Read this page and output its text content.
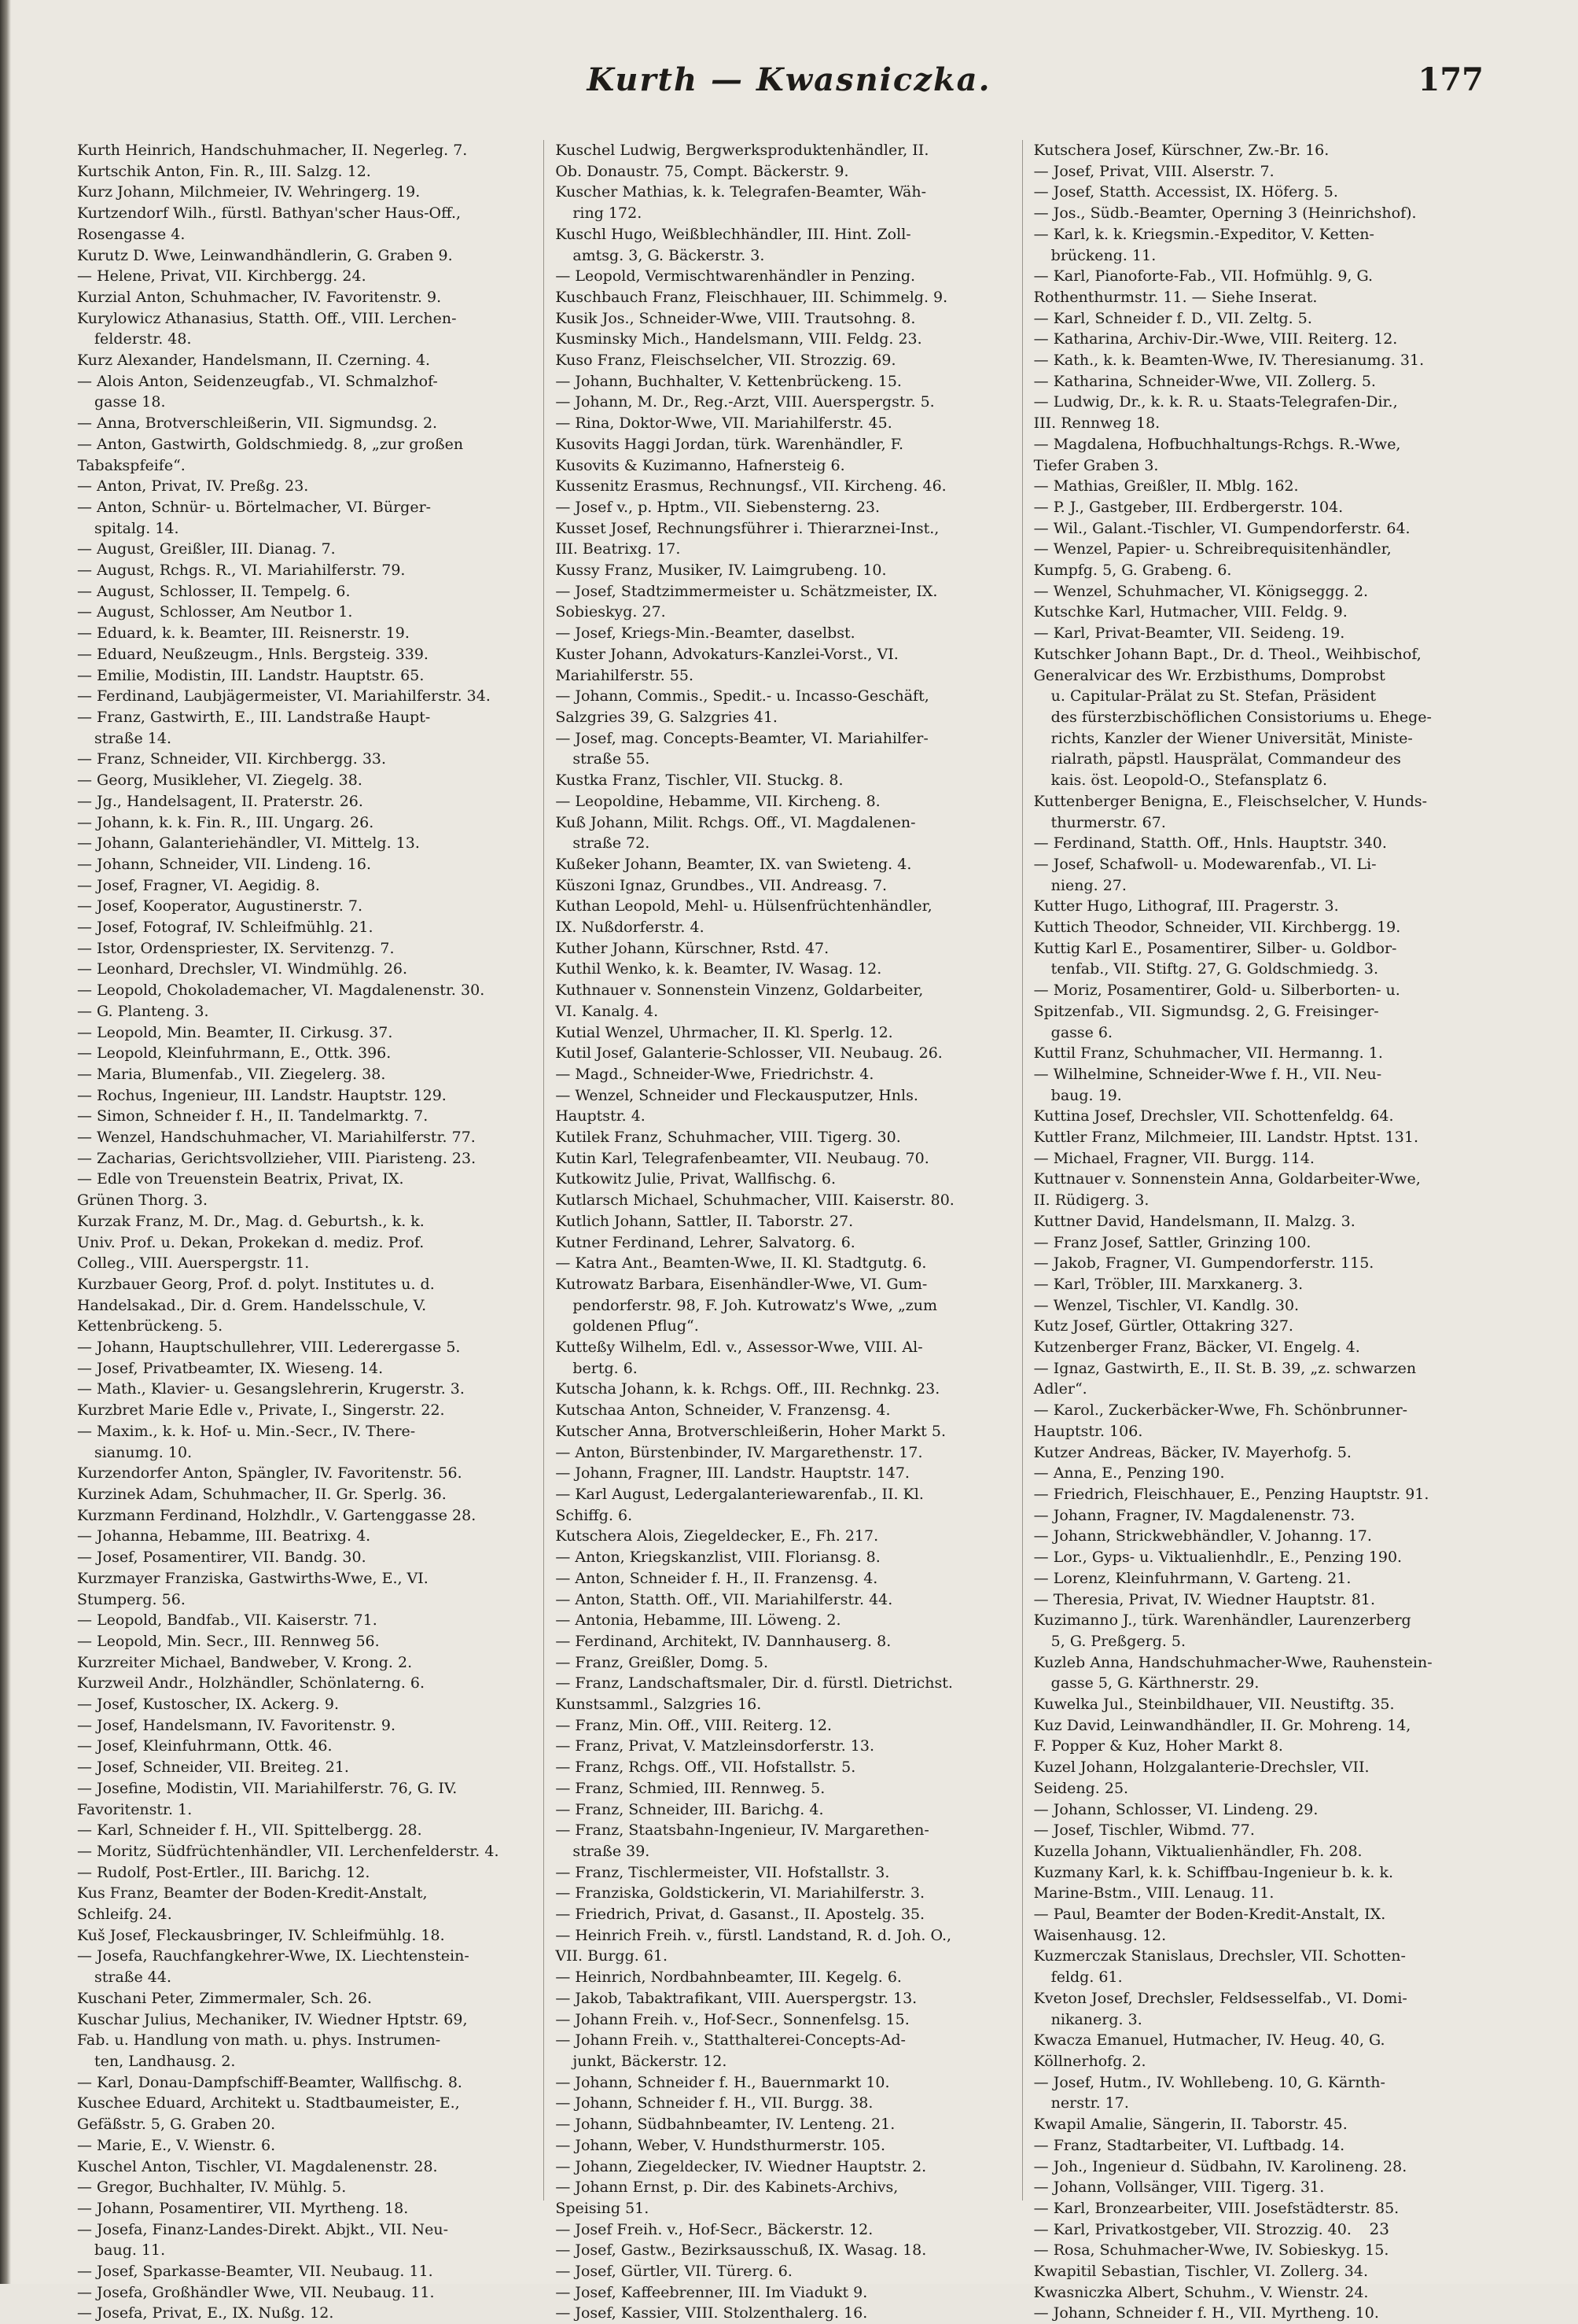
Kurth — Kwasniczka.	177
Kurth Heinrich, Handschuhmacher, II. Negerleg. 7.
Kurtschik Anton, Fin. R., III. Salzg. 12.
Kurz Johann, Milchmeier, IV. Wehringerg. 19.
Kurtzendorf Wilh., fürstl. Bathyan'scher Haus-Off.,
Rosengasse 4.
Kurutz D. Wwe, Leinwandhändlerin, G. Graben 9.
— Helene, Privat, VII. Kirchbergg. 24.
Kurzial Anton, Schuhmacher, IV. Favoritenstr. 9.
Kurylowicz Athanasius, Statth. Off., VIII. Lerchen-
felderstr. 48.
Kurz Alexander, Handelsmann, II. Czerning. 4.
— Alois Anton, Seidenzeugfab., VI. Schmalzhof-
gasse 18.
— Anna, Brotverschleißerin, VII. Sigmundsg. 2.
— Anton, Gastwirth, Goldschmiedg. 8, „zur großen
Tabakspfeife“.
— Anton, Privat, IV. Preßg. 23.
— Anton, Schnür- u. Börtelmacher, VI. Bürger-
spitalg. 14.
— August, Greißler, III. Dianag. 7.
— August, Rchgs. R., VI. Mariahilferstr. 79.
— August, Schlosser, II. Tempelg. 6.
— August, Schlosser, Am Neutbor 1.
— Eduard, k. k. Beamter, III. Reisnerstr. 19.
— Eduard, Neußzeugm., Hnls. Bergsteig. 339.
— Emilie, Modistin, III. Landstr. Hauptstr. 65.
— Ferdinand, Laubjägermeister, VI. Mariahilferstr. 34.
— Franz, Gastwirth, E., III. Landstraße Haupt-
straße 14.
— Franz, Schneider, VII. Kirchbergg. 33.
— Georg, Musikleher, VI. Ziegelg. 38.
— Jg., Handelsagent, II. Praterstr. 26.
— Johann, k. k. Fin. R., III. Ungarg. 26.
— Johann, Galanteriehändler, VI. Mittelg. 13.
— Johann, Schneider, VII. Lindeng. 16.
— Josef, Fragner, VI. Aegidig. 8.
— Josef, Kooperator, Augustinerstr. 7.
— Josef, Fotograf, IV. Schleifmühlg. 21.
— Istor, Ordenspriester, IX. Servitenzg. 7.
— Leonhard, Drechsler, VI. Windmühlg. 26.
— Leopold, Chokolademacher, VI. Magdalenenstr. 30.
— G. Planteng. 3.
— Leopold, Min. Beamter, II. Cirkusg. 37.
— Leopold, Kleinfuhrmann, E., Ottk. 396.
— Maria, Blumenfab., VII. Ziegelerg. 38.
— Rochus, Ingenieur, III. Landstr. Hauptstr. 129.
— Simon, Schneider f. H., II. Tandelmarktg. 7.
— Wenzel, Handschuhmacher, VI. Mariahilferstr. 77.
— Zacharias, Gerichtsvollzieher, VIII. Piaristeng. 23.
— Edle von Treuenstein Beatrix, Privat, IX.
Grünen Thorg. 3.
Kurzak Franz, M. Dr., Mag. d. Geburtsh., k. k.
Univ. Prof. u. Dekan, Prokekan d. mediz. Prof.
Colleg., VIII. Auerspergstr. 11.
Kurzbauer Georg, Prof. d. polyt. Institutes u. d.
Handelsakad., Dir. d. Grem. Handelsschule, V.
Kettenbrückeng. 5.
— Johann, Hauptschullehrer, VIII. Lederergasse 5.
— Josef, Privatbeamter, IX. Wieseng. 14.
— Math., Klavier- u. Gesangslehrerin, Krugerstr. 3.
Kurzbret Marie Edle v., Private, I., Singerstr. 22.
— Maxim., k. k. Hof- u. Min.-Secr., IV. There-
sianumg. 10.
Kurzendorfer Anton, Spängler, IV. Favoritenstr. 56.
Kurzinek Adam, Schuhmacher, II. Gr. Sperlg. 36.
Kurzmann Ferdinand, Holzhdlr., V. Gartenggasse 28.
— Johanna, Hebamme, III. Beatrixg. 4.
— Josef, Posamentirer, VII. Bandg. 30.
Kurzmayer Franziska, Gastwirths-Wwe, E., VI.
Stumperg. 56.
— Leopold, Bandfab., VII. Kaiserstr. 71.
— Leopold, Min. Secr., III. Rennweg 56.
Kurzreiter Michael, Bandweber, V. Krong. 2.
Kurzweil Andr., Holzhändler, Schönlaterng. 6.
— Josef, Kustoscher, IX. Ackerg. 9.
— Josef, Handelsmann, IV. Favoritenstr. 9.
— Josef, Kleinfuhrmann, Ottk. 46.
— Josef, Schneider, VII. Breiteg. 21.
— Josefine, Modistin, VII. Mariahilferstr. 76, G. IV.
Favoritenstr. 1.
— Karl, Schneider f. H., VII. Spittelbergg. 28.
— Moritz, Südfrüchtenhändler, VII. Lerchenfelderstr. 4.
— Rudolf, Post-Ertler., III. Barichg. 12.
Kus Franz, Beamter der Boden-Kredit-Anstalt,
Schleifg. 24.
Kuš Josef, Fleckausbringer, IV. Schleifmühlg. 18.
— Josefa, Rauchfangkehrer-Wwe, IX. Liechtenstein-
straße 44.
Kuschani Peter, Zimmermaler, Sch. 26.
Kuschar Julius, Mechaniker, IV. Wiedner Hptstr. 69,
Fab. u. Handlung von math. u. phys. Instrumen-
ten, Landhausg. 2.
— Karl, Donau-Dampfschiff-Beamter, Wallfischg. 8.
Kuschee Eduard, Architekt u. Stadtbaumeister, E.,
Gefäßstr. 5, G. Graben 20.
— Marie, E., V. Wienstr. 6.
Kuschel Anton, Tischler, VI. Magdalenenstr. 28.
— Gregor, Buchhalter, IV. Mühlg. 5.
— Johann, Posamentirer, VII. Myrtheng. 18.
— Josefa, Finanz-Landes-Direkt. Abjkt., VII. Neu-
baug. 11.
— Josef, Sparkasse-Beamter, VII. Neubaug. 11.
— Josefa, Großhändler Wwe, VII. Neubaug. 11.
— Josefa, Privat, E., IX. Nußg. 12.
Kuschel Ludwig, Bergwerksproduktenhändler, II.
Ob. Donaustr. 75, Compt. Bäckerstr. 9.
Kuscher Mathias, k. k. Telegrafen-Beamter, Wäh-
ring 172.
Kuschl Hugo, Weißblechhändler, III. Hint. Zoll-
amtsg. 3, G. Bäckerstr. 3.
— Leopold, Vermischtwarenhändler in Penzing.
Kuschbauch Franz, Fleischhauer, III. Schimmelg. 9.
Kusik Jos., Schneider-Wwe, VIII. Trautsohng. 8.
Kusminsky Mich., Handelsmann, VIII. Feldg. 23.
Kuso Franz, Fleischselcher, VII. Strozzig. 69.
— Johann, Buchhalter, V. Kettenbrückeng. 15.
— Johann, M. Dr., Reg.-Arzt, VIII. Auerspergstr. 5.
— Rina, Doktor-Wwe, VII. Mariahilferstr. 45.
Kusovits Haggi Jordan, türk. Warenhändler, F.
Kusovits & Kuzimanno, Hafnersteig 6.
Kussenitz Erasmus, Rechnungsf., VII. Kircheng. 46.
— Josef v., p. Hptm., VII. Siebensterng. 23.
Kusset Josef, Rechnungsführer i. Thierarznei-Inst.,
III. Beatrixg. 17.
Kussy Franz, Musiker, IV. Laimgrubeng. 10.
— Josef, Stadtzimmermeister u. Schätzmeister, IX.
Sobieskyg. 27.
— Josef, Kriegs-Min.-Beamter, daselbst.
Kuster Johann, Advokaturs-Kanzlei-Vorst., VI.
Mariahilferstr. 55.
— Johann, Commis., Spedit.- u. Incasso-Geschäft,
Salzgries 39, G. Salzgries 41.
— Josef, mag. Concepts-Beamter, VI. Mariahilfer-
straße 55.
Kustka Franz, Tischler, VII. Stuckg. 8.
— Leopoldine, Hebamme, VII. Kircheng. 8.
Kuß Johann, Milit. Rchgs. Off., VI. Magdalenen-
straße 72.
Kußeker Johann, Beamter, IX. van Swieteng. 4.
Küszoni Ignaz, Grundbes., VII. Andreasg. 7.
Kuthan Leopold, Mehl- u. Hülsenfrüchtenhändler,
IX. Nußdorferstr. 4.
Kuther Johann, Kürschner, Rstd. 47.
Kuthil Wenko, k. k. Beamter, IV. Wasag. 12.
Kuthnauer v. Sonnenstein Vinzenz, Goldarbeiter,
VI. Kanalg. 4.
Kutial Wenzel, Uhrmacher, II. Kl. Sperlg. 12.
Kutil Josef, Galanterie-Schlosser, VII. Neubaug. 26.
— Magd., Schneider-Wwe, Friedrichstr. 4.
— Wenzel, Schneider und Fleckausputzer, Hnls.
Hauptstr. 4.
Kutilek Franz, Schuhmacher, VIII. Tigerg. 30.
Kutin Karl, Telegrafenbeamter, VII. Neubaug. 70.
Kutkowitz Julie, Privat, Wallfischg. 6.
Kutlarsch Michael, Schuhmacher, VIII. Kaiserstr. 80.
Kutlich Johann, Sattler, II. Taborstr. 27.
Kutner Ferdinand, Lehrer, Salvatorg. 6.
— Katra Ant., Beamten-Wwe, II. Kl. Stadtgutg. 6.
Kutrowatz Barbara, Eisenhändler-Wwe, VI. Gum-
pendorferstr. 98, F. Joh. Kutrowatz's Wwe, „zum
goldenen Pflug“.
Kutteßy Wilhelm, Edl. v., Assessor-Wwe, VIII. Al-
bertg. 6.
Kutscha Johann, k. k. Rchgs. Off., III. Rechnkg. 23.
Kutschaa Anton, Schneider, V. Franzensg. 4.
Kutscher Anna, Brotverschleißerin, Hoher Markt 5.
— Anton, Bürstenbinder, IV. Margarethenstr. 17.
— Johann, Fragner, III. Landstr. Hauptstr. 147.
— Karl August, Ledergalanteriewarenfab., II. Kl.
Schiffg. 6.
Kutschera Alois, Ziegeldecker, E., Fh. 217.
— Anton, Kriegskanzlist, VIII. Floriansg. 8.
— Anton, Schneider f. H., II. Franzensg. 4.
— Anton, Statth. Off., VII. Mariahilferstr. 44.
— Antonia, Hebamme, III. Löweng. 2.
— Ferdinand, Architekt, IV. Dannhauserg. 8.
— Franz, Greißler, Domg. 5.
— Franz, Landschaftsmaler, Dir. d. fürstl. Dietrichst.
Kunstsamml., Salzgries 16.
— Franz, Min. Off., VIII. Reiterg. 12.
— Franz, Privat, V. Matzleinsdorferstr. 13.
— Franz, Rchgs. Off., VII. Hofstallstr. 5.
— Franz, Schmied, III. Rennweg. 5.
— Franz, Schneider, III. Barichg. 4.
— Franz, Staatsbahn-Ingenieur, IV. Margarethen-
straße 39.
— Franz, Tischlermeister, VII. Hofstallstr. 3.
— Franziska, Goldstickerin, VI. Mariahilferstr. 3.
— Friedrich, Privat, d. Gasanst., II. Apostelg. 35.
— Heinrich Freih. v., fürstl. Landstand, R. d. Joh. O.,
VII. Burgg. 61.
— Heinrich, Nordbahnbeamter, III. Kegelg. 6.
— Jakob, Tabaktrafikant, VIII. Auerspergstr. 13.
— Johann Freih. v., Hof-Secr., Sonnenfelsg. 15.
— Johann Freih. v., Statthalterei-Concepts-Ad-
junkt, Bäckerstr. 12.
— Johann, Schneider f. H., Bauernmarkt 10.
— Johann, Schneider f. H., VII. Burgg. 38.
— Johann, Südbahnbeamter, IV. Lenteng. 21.
— Johann, Weber, V. Hundsthurmerstr. 105.
— Johann, Ziegeldecker, IV. Wiedner Hauptstr. 2.
— Johann Ernst, p. Dir. des Kabinets-Archivs,
Speising 51.
— Josef Freih. v., Hof-Secr., Bäckerstr. 12.
— Josef, Gastw., Bezirksausschuß, IX. Wasag. 18.
— Josef, Gürtler, VII. Türerg. 6.
— Josef, Kaffeebrenner, III. Im Viadukt 9.
— Josef, Kassier, VIII. Stolzenthalerg. 16.
Kutschera Josef, Kürschner, Zw.-Br. 16.
— Josef, Privat, VIII. Alserstr. 7.
— Josef, Statth. Accessist, IX. Höferg. 5.
— Jos., Südb.-Beamter, Operning 3 (Heinrichshof).
— Karl, k. k. Kriegsmin.-Expeditor, V. Ketten-
brückeng. 11.
— Karl, Pianoforte-Fab., VII. Hofmühlg. 9, G.
Rothenthurmstr. 11. — Siehe Inserat.
— Karl, Schneider f. D., VII. Zeltg. 5.
— Katharina, Archiv-Dir.-Wwe, VIII. Reiterg. 12.
— Kath., k. k. Beamten-Wwe, IV. Theresianumg. 31.
— Katharina, Schneider-Wwe, VII. Zollerg. 5.
— Ludwig, Dr., k. k. R. u. Staats-Telegrafen-Dir.,
III. Rennweg 18.
— Magdalena, Hofbuchhaltungs-Rchgs. R.-Wwe,
Tiefer Graben 3.
— Mathias, Greißler, II. Mblg. 162.
— P. J., Gastgeber, III. Erdbergerstr. 104.
— Wil., Galant.-Tischler, VI. Gumpendorferstr. 64.
— Wenzel, Papier- u. Schreibrequisitenhändler,
Kumpfg. 5, G. Grabeng. 6.
— Wenzel, Schuhmacher, VI. Königseggg. 2.
Kutschke Karl, Hutmacher, VIII. Feldg. 9.
— Karl, Privat-Beamter, VII. Seideng. 19.
Kutschker Johann Bapt., Dr. d. Theol., Weihbischof,
Generalvicar des Wr. Erzbisthums, Domprobst
u. Capitular-Prälat zu St. Stefan, Präsident
des fürsterzbischöflichen Consistoriums u. Ehege-
richts, Kanzler der Wiener Universität, Ministe-
rialrath, päpstl. Hausprälat, Commandeur des
kais. öst. Leopold-O., Stefansplatz 6.
Kuttenberger Benigna, E., Fleischselcher, V. Hunds-
thurmerstr. 67.
— Ferdinand, Statth. Off., Hnls. Hauptstr. 340.
— Josef, Schafwoll- u. Modewarenfab., VI. Li-
nieng. 27.
Kutter Hugo, Lithograf, III. Pragerstr. 3.
Kuttich Theodor, Schneider, VII. Kirchbergg. 19.
Kuttig Karl E., Posamentirer, Silber- u. Goldbor-
tenfab., VII. Stiftg. 27, G. Goldschmiedg. 3.
— Moriz, Posamentirer, Gold- u. Silberborten- u.
Spitzenfab., VII. Sigmundsg. 2, G. Freisinger-
gasse 6.
Kuttil Franz, Schuhmacher, VII. Hermanng. 1.
— Wilhelmine, Schneider-Wwe f. H., VII. Neu-
baug. 19.
Kuttina Josef, Drechsler, VII. Schottenfeldg. 64.
Kuttler Franz, Milchmeier, III. Landstr. Hptst. 131.
— Michael, Fragner, VII. Burgg. 114.
Kuttnauer v. Sonnenstein Anna, Goldarbeiter-Wwe,
II. Rüdigerg. 3.
Kuttner David, Handelsmann, II. Malzg. 3.
— Franz Josef, Sattler, Grinzing 100.
— Jakob, Fragner, VI. Gumpendorferstr. 115.
— Karl, Tröbler, III. Marxkanerg. 3.
— Wenzel, Tischler, VI. Kandlg. 30.
Kutz Josef, Gürtler, Ottakring 327.
Kutzenberger Franz, Bäcker, VI. Engelg. 4.
— Ignaz, Gastwirth, E., II. St. B. 39, „z. schwarzen
Adler“.
— Karol., Zuckerbäcker-Wwe, Fh. Schönbrunner-
Hauptstr. 106.
Kutzer Andreas, Bäcker, IV. Mayerhofg. 5.
— Anna, E., Penzing 190.
— Friedrich, Fleischhauer, E., Penzing Hauptstr. 91.
— Johann, Fragner, IV. Magdalenenstr. 73.
— Johann, Strickwebhändler, V. Johanng. 17.
— Lor., Gyps- u. Viktualienhdlr., E., Penzing 190.
— Lorenz, Kleinfuhrmann, V. Garteng. 21.
— Theresia, Privat, IV. Wiedner Hauptstr. 81.
Kuzimanno J., türk. Warenhändler, Laurenzerberg
5, G. Preßgerg. 5.
Kuzleb Anna, Handschuhmacher-Wwe, Rauhenstein-
gasse 5, G. Kärthnerstr. 29.
Kuwelka Jul., Steinbildhauer, VII. Neustiftg. 35.
Kuz David, Leinwandhändler, II. Gr. Mohreng. 14,
F. Popper & Kuz, Hoher Markt 8.
Kuzel Johann, Holzgalanterie-Drechsler, VII.
Seideng. 25.
— Johann, Schlosser, VI. Lindeng. 29.
— Josef, Tischler, Wibmd. 77.
Kuzella Johann, Viktualienhändler, Fh. 208.
Kuzmany Karl, k. k. Schiffbau-Ingenieur b. k. k.
Marine-Bstm., VIII. Lenaug. 11.
— Paul, Beamter der Boden-Kredit-Anstalt, IX.
Waisenhausg. 12.
Kuzmerczak Stanislaus, Drechsler, VII. Schotten-
feldg. 61.
Kveton Josef, Drechsler, Feldsesselfab., VI. Domi-
nikanerg. 3.
Kwacza Emanuel, Hutmacher, IV. Heug. 40, G.
Köllnerhofg. 2.
— Josef, Hutm., IV. Wohllebeng. 10, G. Kärnth-
nerstr. 17.
Kwapil Amalie, Sängerin, II. Taborstr. 45.
— Franz, Stadtarbeiter, VI. Luftbadg. 14.
— Joh., Ingenieur d. Südbahn, IV. Karolineng. 28.
— Johann, Vollsänger, VIII. Tigerg. 31.
— Karl, Bronzearbeiter, VIII. Josefstädterstr. 85.
— Karl, Privatkostgeber, VII. Strozzig. 40.
— Rosa, Schuhmacher-Wwe, IV. Sobieskyg. 15.
Kwapitil Sebastian, Tischler, VI. Zollerg. 34.
Kwasniczka Albert, Schuhm., V. Wienstr. 24.
— Johann, Schneider f. H., VII. Myrtheng. 10.
23
